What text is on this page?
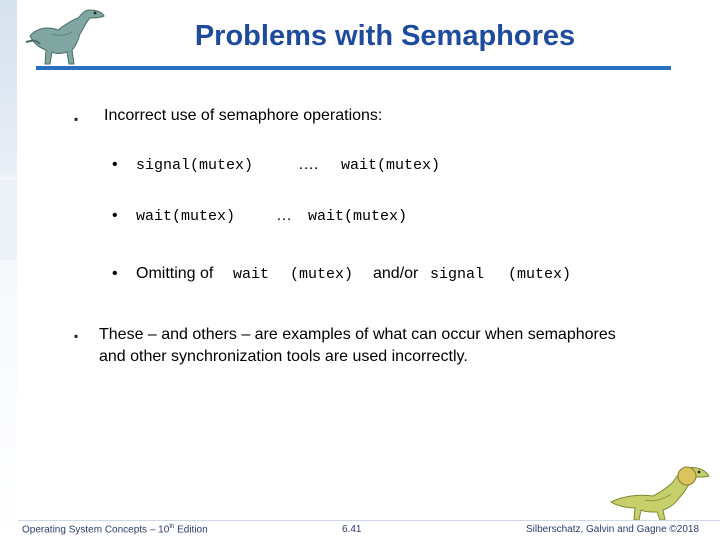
Problems with Semaphores
▪ Incorrect use of semaphore operations:
• signal(mutex)	…. wait(mutex)
• wait(mutex)	… wait(mutex)
• Omitting of wait (mutex) and/or signal (mutex)
▪ These – and others – are examples of what can occur when semaphores and other synchronization tools are used incorrectly.
Operating System Concepts – 10th Edition	6.41	Silberschatz, Galvin and Gagne ©2018
